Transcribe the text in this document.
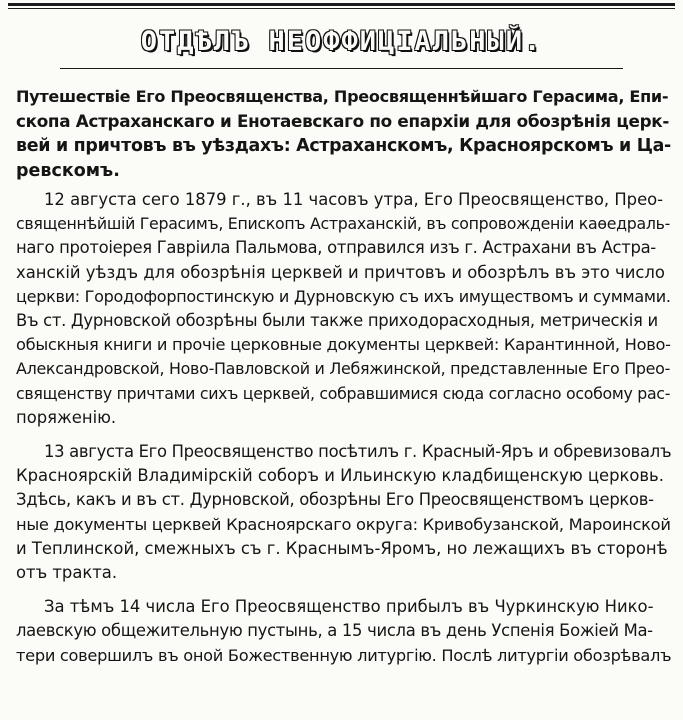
ОТДѢЛЪ НЕОФФИЦІАЛЬНЫЙ.
Путешествіе Его Преосвященства, Преосвященнѣйшаго Герасима, Епи-
скопа Астраханскаго и Енотаевскаго по епархіи для обозрѣнія церк-
вей и причтовъ въ уѣздахъ: Астраханскомъ, Красноярскомъ и Ца-
ревскомъ.
12 августа сего 1879 г., въ 11 часовъ утра, Его Преосвященство, Прео-
священнѣйшій Герасимъ, Епископъ Астраханскій, въ сопровожденіи каѳедраль-
наго протоіерея Гавріила Пальмова, отправился изъ г. Астрахани въ Астра-
ханскій уѣздъ для обозрѣнія церквей и причтовъ и обозрѣлъ въ это число
церкви: Городофорпостинскую и Дурновскую съ ихъ имуществомъ и суммами.
Въ ст. Дурновской обозрѣны были также приходорасходныя, метрическія и
обыскныя книги и прочіе церковные документы церквей: Карантинной, Ново-
Александровской, Ново-Павловской и Лебяжинской, представленные Его Прео-
священству причтами сихъ церквей, собравшимися сюда согласно особому рас-
поряженію.
13 августа Его Преосвященство посѣтилъ г. Красный-Яръ и обревизовалъ
Красноярскій Владимірскій соборъ и Ильинскую кладбищенскую церковь.
Здѣсь, какъ и въ ст. Дурновской, обозрѣны Его Преосвященствомъ церков-
ные документы церквей Красноярскаго округа: Кривобузанской, Мароинской
и Теплинской, смежныхъ съ г. Краснымъ-Яромъ, но лежащихъ въ сторонѣ
отъ тракта.
За тѣмъ 14 числа Его Преосвященство прибылъ въ Чуркинскую Нико-
лаевскую общежительную пустынь, а 15 числа въ день Успенія Божіей Ма-
тери совершилъ въ оной Божественную литургію. Послѣ литургіи обозрѣвалъ
